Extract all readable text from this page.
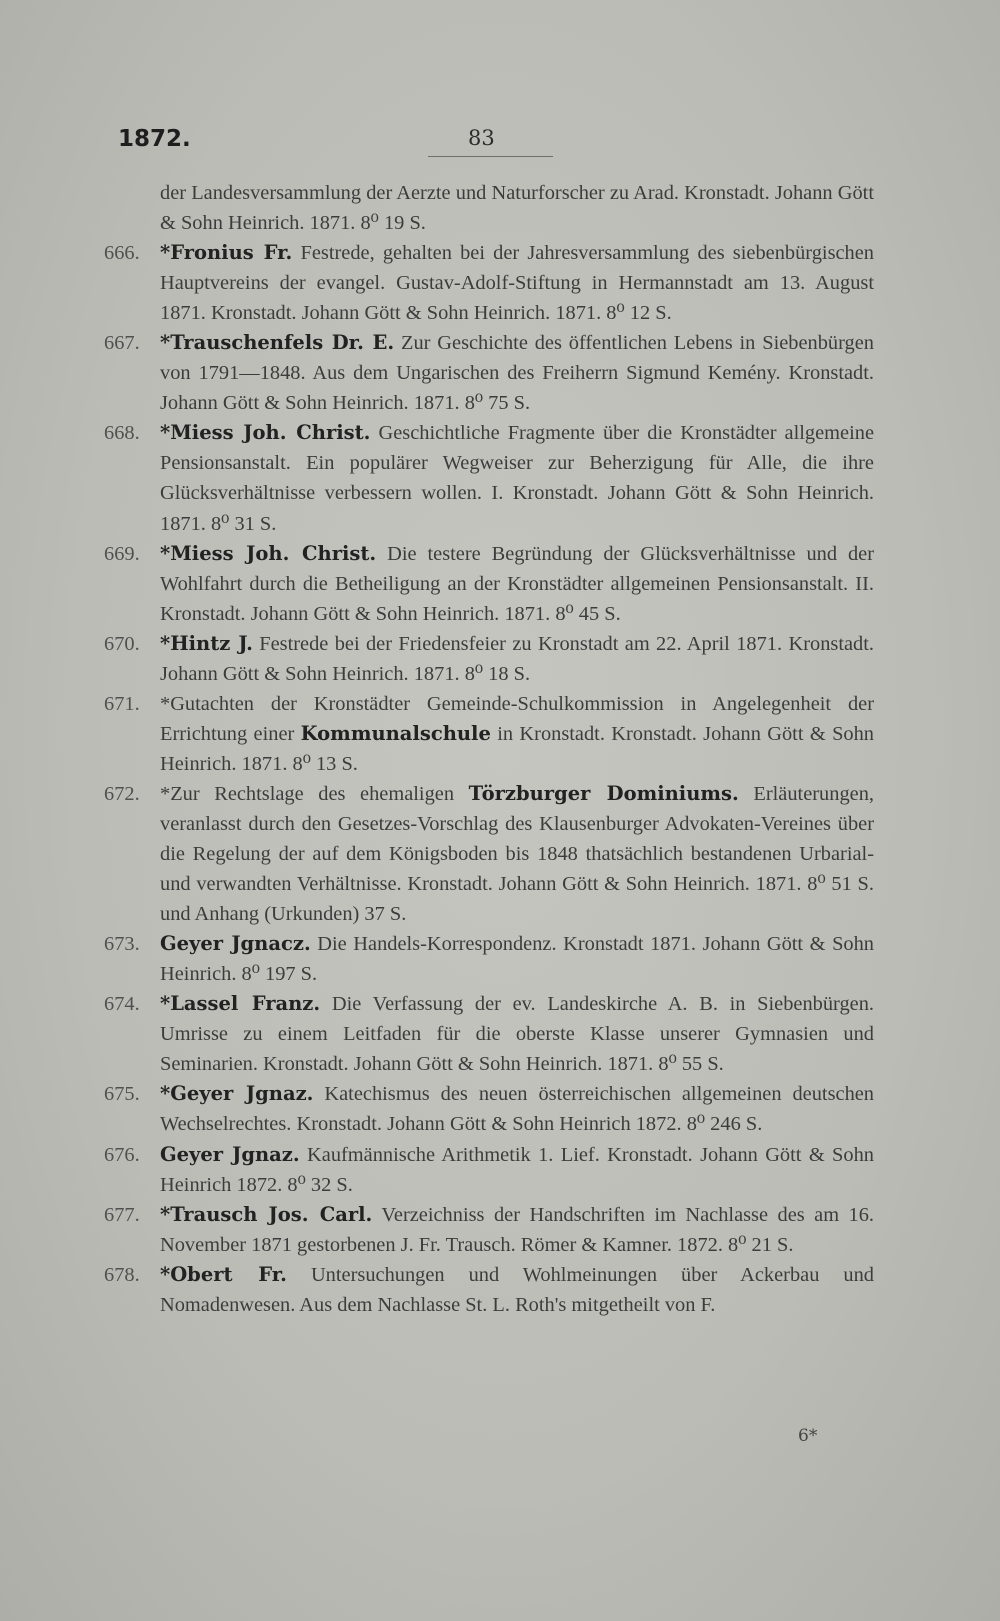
1872.	83
der Landesversammlung der Aerzte und Naturforscher zu Arad. Kronstadt. Johann Gött & Sohn Heinrich. 1871. 8⁰ 19 S.
666. *Fronius Fr. Festrede, gehalten bei der Jahresversammlung des siebenbürgischen Hauptvereins der evangel. Gustav-Adolf-Stiftung in Hermannstadt am 13. August 1871. Kronstadt. Johann Gött & Sohn Heinrich. 1871. 8⁰ 12 S.
667. *Trauschenfels Dr. E. Zur Geschichte des öffentlichen Lebens in Siebenbürgen von 1791—1848. Aus dem Ungarischen des Freiherrn Sigmund Kemény. Kronstadt. Johann Gött & Sohn Heinrich. 1871. 8⁰ 75 S.
668. *Miess Joh. Christ. Geschichtliche Fragmente über die Kronstädter allgemeine Pensionsanstalt. Ein populärer Wegweiser zur Beherzigung für Alle, die ihre Glücksverhältnisse verbessern wollen. I. Kronstadt. Johann Gött & Sohn Heinrich. 1871. 8⁰ 31 S.
669. *Miess Joh. Christ. Die testere Begründung der Glücksverhältnisse und der Wohlfahrt durch die Betheiligung an der Kronstädter allgemeinen Pensionsanstalt. II. Kronstadt. Johann Gött & Sohn Heinrich. 1871. 8⁰ 45 S.
670. *Hintz J. Festrede bei der Friedensfeier zu Kronstadt am 22. April 1871. Kronstadt. Johann Gött & Sohn Heinrich. 1871. 8⁰ 18 S.
671. *Gutachten der Kronstädter Gemeinde-Schulkommission in Angelegenheit der Errichtung einer Kommunalschule in Kronstadt. Kronstadt. Johann Gött & Sohn Heinrich. 1871. 8⁰ 13 S.
672. *Zur Rechtslage des ehemaligen Törzburger Dominiums. Erläuterungen, veranlasst durch den Gesetzes-Vorschlag des Klausenburger Advokaten-Vereines über die Regelung der auf dem Königsboden bis 1848 thatsächlich bestandenen Urbarial- und verwandten Verhältnisse. Kronstadt. Johann Gött & Sohn Heinrich. 1871. 8⁰ 51 S. und Anhang (Urkunden) 37 S.
673. Geyer Jgnacz. Die Handels-Korrespondenz. Kronstadt 1871. Johann Gött & Sohn Heinrich. 8⁰ 197 S.
674. *Lassel Franz. Die Verfassung der ev. Landeskirche A. B. in Siebenbürgen. Umrisse zu einem Leitfaden für die oberste Klasse unserer Gymnasien und Seminarien. Kronstadt. Johann Gött & Sohn Heinrich. 1871. 8⁰ 55 S.
675. *Geyer Jgnaz. Katechismus des neuen österreichischen allgemeinen deutschen Wechselrechtes. Kronstadt. Johann Gött & Sohn Heinrich 1872. 8⁰ 246 S.
676. Geyer Jgnaz. Kaufmännische Arithmetik 1. Lief. Kronstadt. Johann Gött & Sohn Heinrich 1872. 8⁰ 32 S.
677. *Trausch Jos. Carl. Verzeichniss der Handschriften im Nachlasse des am 16. November 1871 gestorbenen J. Fr. Trausch. Römer & Kamner. 1872. 8⁰ 21 S.
678. *Obert Fr. Untersuchungen und Wohlmeinungen über Ackerbau und Nomadenwesen. Aus dem Nachlasse St. L. Roth's mitgetheilt von F.
6*
